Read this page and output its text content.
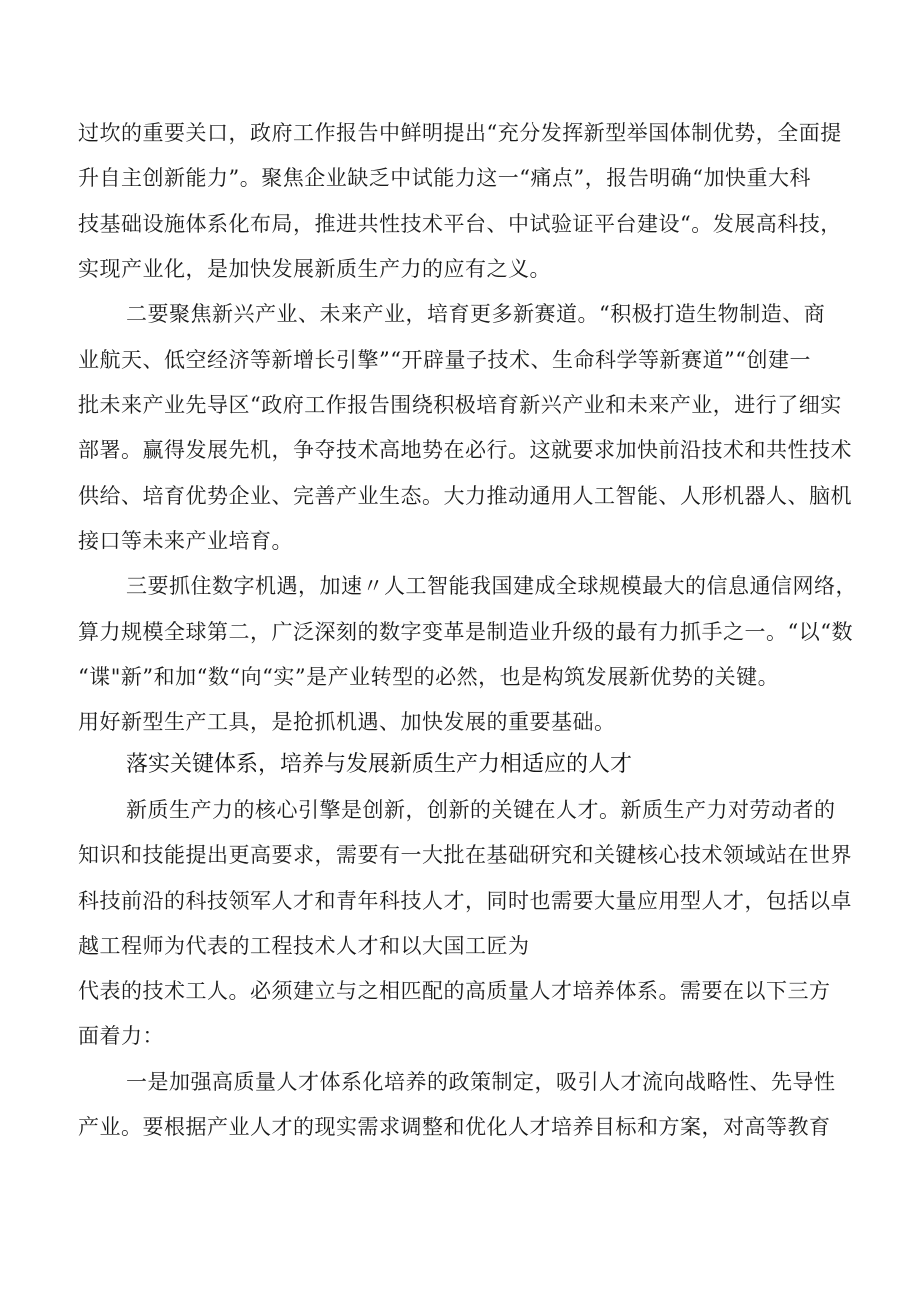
过坎的重要关口，政府工作报告中鲜明提出“充分发挥新型举国体制优势，全面提
升自主创新能力”。聚焦企业缺乏中试能力这一“痛点”，报告明确“加快重大科
技基础设施体系化布局，推进共性技术平台、中试验证平台建设“。发展高科技，
实现产业化，是加快发展新质生产力的应有之义。
二要聚焦新兴产业、未来产业，培育更多新赛道。“积极打造生物制造、商
业航天、低空经济等新增长引擎”“开辟量子技术、生命科学等新赛道”“创建一
批未来产业先导区“政府工作报告围绕积极培育新兴产业和未来产业，进行了细实
部署。赢得发展先机，争夺技术高地势在必行。这就要求加快前沿技术和共性技术
供给、培育优势企业、完善产业生态。大力推动通用人工智能、人形机器人、脑机
接口等未来产业培育。
三要抓住数字机遇，加速〃人工智能我国建成全球规模最大的信息通信网络，
算力规模全球第二，广泛深刻的数字变革是制造业升级的最有力抓手之一。“以“数
“谍"新”和加“数“向“实”是产业转型的必然，也是构筑发展新优势的关键。
用好新型生产工具，是抢抓机遇、加快发展的重要基础。
落实关键体系，培养与发展新质生产力相适应的人才
新质生产力的核心引擎是创新，创新的关键在人才。新质生产力对劳动者的
知识和技能提出更高要求，需要有一大批在基础研究和关键核心技术领域站在世界
科技前沿的科技领军人才和青年科技人才，同时也需要大量应用型人才，包括以卓
越工程师为代表的工程技术人才和以大国工匠为
代表的技术工人。必须建立与之相匹配的高质量人才培养体系。需要在以下三方
面着力：
一是加强高质量人才体系化培养的政策制定，吸引人才流向战略性、先导性
产业。要根据产业人才的现实需求调整和优化人才培养目标和方案，对高等教育
